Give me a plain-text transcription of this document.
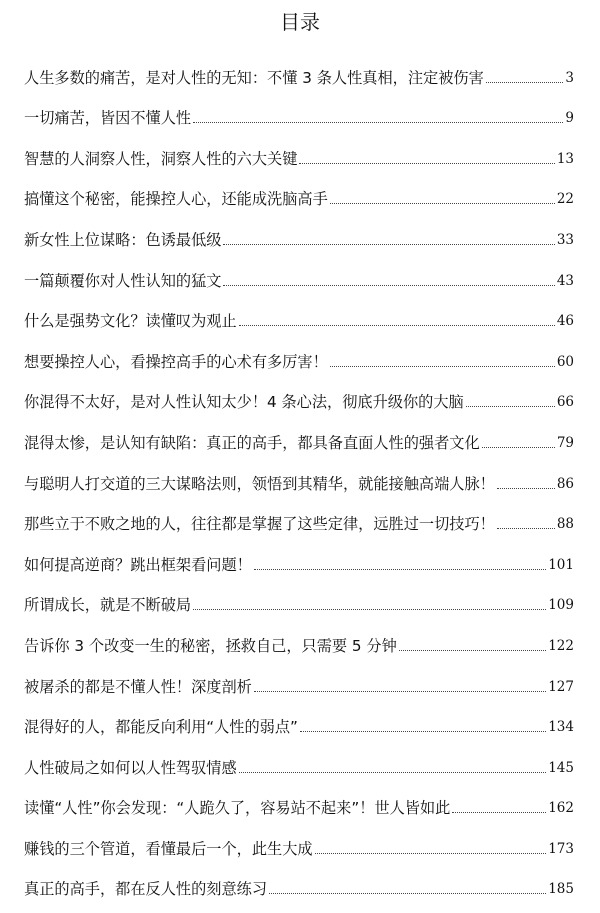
目录
人生多数的痛苦，是对人性的无知：不懂 3 条人性真相，注定被伤害	3
一切痛苦，皆因不懂人性	9
智慧的人洞察人性，洞察人性的六大关键	13
搞懂这个秘密，能操控人心，还能成洗脑高手	22
新女性上位谋略：色诱最低级	33
一篇颠覆你对人性认知的猛文	43
什么是强势文化？读懂叹为观止	46
想要操控人心，看操控高手的心术有多厉害！	60
你混得不太好，是对人性认知太少！4 条心法，彻底升级你的大脑	66
混得太惨，是认知有缺陷：真正的高手，都具备直面人性的强者文化	79
与聪明人打交道的三大谋略法则，领悟到其精华，就能接触高端人脉！	86
那些立于不败之地的人，往往都是掌握了这些定律，远胜过一切技巧！	88
如何提高逆商？跳出框架看问题！	101
所谓成长，就是不断破局	109
告诉你 3 个改变一生的秘密，拯救自己，只需要 5 分钟	122
被屠杀的都是不懂人性！深度剖析	127
混得好的人，都能反向利用“人性的弱点”	134
人性破局之如何以人性驾驭情感	145
读懂“人性”你会发现：“人跪久了，容易站不起来”！世人皆如此	162
赚钱的三个管道，看懂最后一个，此生大成	173
真正的高手，都在反人性的刻意练习	185
